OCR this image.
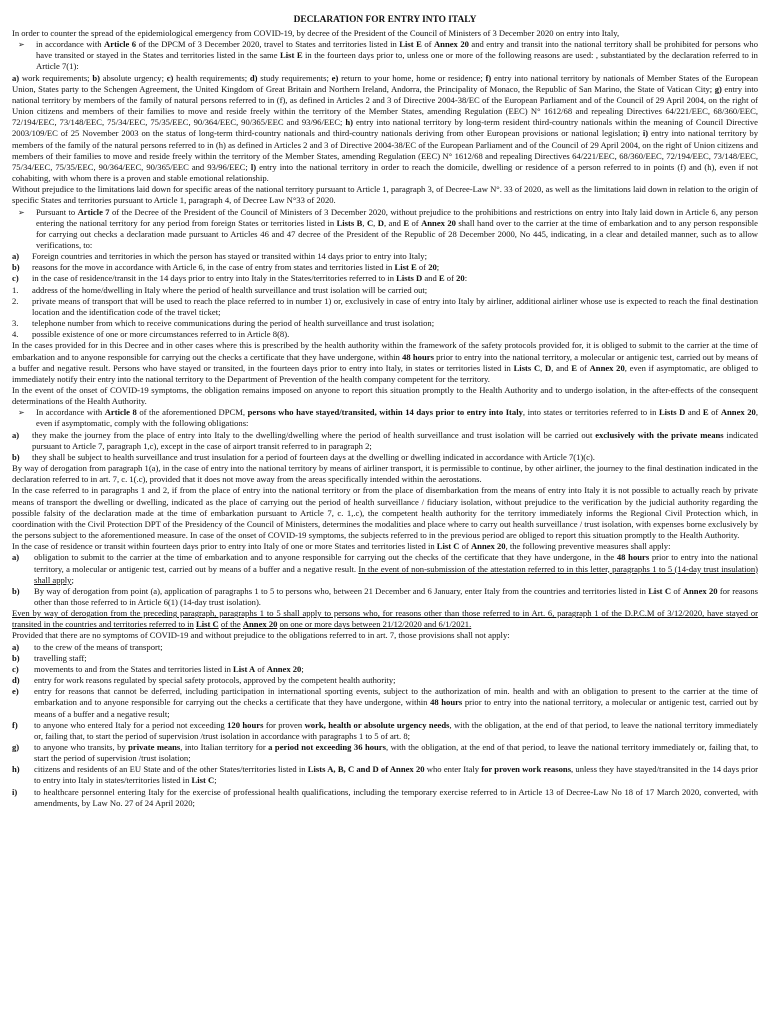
DECLARATION FOR ENTRY INTO ITALY

In order to counter the spread of the epidemiological emergency from COVID-19, by decree of the President of the Council of Ministers of 3 December 2020 on entry into Italy,

➢	in accordance with Article 6 of the DPCM of 3 December 2020, travel to States and territories listed in List E of Annex 20 and entry and transit into the national territory shall be prohibited for persons who have transited or stayed in the States and territories listed in the same List E in the fourteen days prior to, unless one or more of the following reasons are used: , substantiated by the declaration referred to in Article 7(1):

a) work requirements; b) absolute urgency; c) health requirements; d) study requirements; e) return to your home, home or residence; f) entry into national territory by nationals of Member States of the European Union, States party to the Schengen Agreement, the United Kingdom of Great Britain and Northern Ireland, Andorra, the Principality of Monaco, the Republic of San Marino, the State of Vatican City; g) entry into national territory by members of the family of natural persons referred to in (f), as defined in Articles 2 and 3 of Directive 2004-38/EC of the European Parliament and of the Council of 29 April 2004, on the right of Union citizens and members of their families to move and reside freely within the territory of the Member States, amending Regulation (EEC) N° 1612/68 and repealing Directives 64/221/EEC, 68/360/EEC, 72/194/EEC, 73/148/EEC, 75/34/EEC, 75/35/EEC, 90/364/EEC, 90/365/EEC and 93/96/EEC; h) entry into national territory by long-term resident third-country nationals within the meaning of Council Directive 2003/109/EC of 25 November 2003 on the status of long-term third-country nationals and third-country nationals deriving from other European provisions or national legislation; i) entry into national territory by members of the family of the natural persons referred to in (h) as defined in Articles 2 and 3 of Directive 2004-38/EC of the European Parliament and of the Council of 29 April 2004, on the right of Union citizens and members of their families to move and reside freely within the territory of the Member States, amending Regulation (EEC) N° 1612/68 and repealing Directives 64/221/EEC, 68/360/EEC, 72/194/EEC, 73/148/EEC, 75/34/EEC, 75/35/EEC, 90/364/EEC, 90/365/EEC and 93/96/EEC; l) entry into the national territory in order to reach the domicile, dwelling or residence of a person referred to in points (f) and (h), even if not cohabiting, with whom there is a proven and stable emotional relationship.

Without prejudice to the limitations laid down for specific areas of the national territory pursuant to Article 1, paragraph 3, of Decree-Law N°. 33 of 2020, as well as the limitations laid down in relation to the origin of specific States and territories pursuant to Article 1, paragraph 4, of Decree Law N°33 of 2020.

➢	Pursuant to Article 7 of the Decree of the President of the Council of Ministers of 3 December 2020, without prejudice to the prohibitions and restrictions on entry into Italy laid down in Article 6, any person entering the national territory for any period from foreign States or territories listed in Lists B, C, D, and E of Annex 20 shall hand over to the carrier at the time of embarkation and to any person responsible for carrying out checks a declaration made pursuant to Articles 46 and 47 decree of the President of the Republic of 28 December 2000, No 445, indicating, in a clear and detailed manner, such as to allow verifications, to:
a)	Foreign countries and territories in which the person has stayed or transited within 14 days prior to entry into Italy;
b)	reasons for the move in accordance with Article 6, in the case of entry from states and territories listed in List E of 20;
c)	in the case of residence/transit in the 14 days prior to entry into Italy in the States/territories referred to in Lists D and E of 20:
1.	address of the home/dwelling in Italy where the period of health surveillance and trust isolation will be carried out;
2.	private means of transport that will be used to reach the place referred to in number 1) or, exclusively in case of entry into Italy by airliner, additional airliner whose use is expected to reach the final destination location and the identification code of the travel ticket;
3.	telephone number from which to receive communications during the period of health surveillance and trust isolation;
4.	possible existence of one or more circumstances referred to in Article 8(8).

In the cases provided for in this Decree and in other cases where this is prescribed by the health authority within the framework of the safety protocols provided for, it is obliged to submit to the carrier at the time of embarkation and to anyone responsible for carrying out the checks a certificate that they have undergone, within 48 hours prior to entry into the national territory, a molecular or antigenic test, carried out by means of a buffer and negative result. Persons who have stayed or transited, in the fourteen days prior to entry into Italy, in states or territories listed in Lists C, D, and E of Annex 20, even if asymptomatic, are obliged to immediately notify their entry into the national territory to the Department of Prevention of the health company competent for the territory.

In the event of the onset of COVID-19 symptoms, the obligation remains imposed on anyone to report this situation promptly to the Health Authority and to undergo isolation, in the after-effects of the consequent determinations of the Health Authority.

➢	In accordance with Article 8 of the aforementioned DPCM, persons who have stayed/transited, within 14 days prior to entry into Italy, into states or territories referred to in Lists D and E of Annex 20, even if asymptomatic, comply with the following obligations:
a)	they make the journey from the place of entry into Italy to the dwelling/dwelling where the period of health surveillance and trust isolation will be carried out exclusively with the private means indicated pursuant to Article 7, paragraph 1,c), except in the case of airport transit referred to in paragraph 2;
b)	they shall be subject to health surveillance and trust insulation for a period of fourteen days at the dwelling or dwelling indicated in accordance with Article 7(1)(c).

By way of derogation from paragraph 1(a), in the case of entry into the national territory by means of airliner transport, it is permissible to continue, by other airliner, the journey to the final destination indicated in the declaration referred to in art. 7, c. 1(.c), provided that it does not move away from the areas specifically intended within the aerostations.

In the case referred to in paragraphs 1 and 2, if from the place of entry into the national territory or from the place of disembarkation from the means of entry into Italy it is not possible to actually reach by private means of transport the dwelling or dwelling, indicated as the place of carrying out the period of health surveillance / fiduciary isolation, without prejudice to the verification by the judicial authority regarding the possible falsity of the declaration made at the time of embarkation pursuant to Article 7, c. 1,.c), the competent health authority for the territory immediately informs the Regional Civil Protection which, in coordination with the Civil Protection DPT of the Presidency of the Council of Ministers, determines the modalities and place where to carry out health surveillance / trust isolation, with expenses borne exclusively by the persons subject to the aforementioned measure. In case of the onset of COVID-19 symptoms, the subjects referred to in the previous period are obliged to report this situation promptly to the Health Authority.

In the case of residence or transit within fourteen days prior to entry into Italy of one or more States and territories listed in List C of Annex 20, the following preventive measures shall apply:

a)	obligation to submit to the carrier at the time of embarkation and to anyone responsible for carrying out the checks of the certificate that they have undergone, in the 48 hours prior to entry into the national territory, a molecular or antigenic test, carried out by means of a buffer and a negative result. In the event of non-submission of the attestation referred to in this letter, paragraphs 1 to 5 (14-day trust insulation) shall apply;
b)	By way of derogation from point (a), application of paragraphs 1 to 5 to persons who, between 21 December and 6 January, enter Italy from the countries and territories listed in List C of Annex 20 for reasons other than those referred to in Article 6(1) (14-day trust isolation).

Even by way of derogation from the preceding paragraph, paragraphs 1 to 5 shall apply to persons who, for reasons other than those referred to in Art. 6, paragraph 1 of the D.P.C.M of 3/12/2020, have stayed or transited in the countries and territories referred to in List C of the Annex 20 on one or more days between 21/12/2020 and 6/1/2021.

Provided that there are no symptoms of COVID-19 and without prejudice to the obligations referred to in art. 7, those provisions shall not apply:

a)	to the crew of the means of transport;
b)	travelling staff;
c)	movements to and from the States and territories listed in List A of Annex 20;
d)	entry for work reasons regulated by special safety protocols, approved by the competent health authority;
e)	entry for reasons that cannot be deferred, including participation in international sporting events, subject to the authorization of min. health and with an obligation to present to the carrier at the time of embarkation and to anyone responsible for carrying out the checks a certificate that they have undergone, within 48 hours prior to entry into the national territory, a molecular or antigenic test, carried out by means of a buffer and a negative result;
f)	to anyone who entered Italy for a period not exceeding 120 hours for proven work, health or absolute urgency needs, with the obligation, at the end of that period, to leave the national territory immediately or, failing that, to start the period of supervision /trust isolation in accordance with paragraphs 1 to 5 of art. 8;
g)	to anyone who transits, by private means, into Italian territory for a period not exceeding 36 hours, with the obligation, at the end of that period, to leave the national territory immediately or, failing that, to start the period of supervision /trust isolation;
h)	citizens and residents of an EU State and of the other States/territories listed in Lists A, B, C and D of Annex 20 who enter Italy for proven work reasons, unless they have stayed/transited in the 14 days prior to entry into Italy in states/territories listed in List C;
i)	to healthcare personnel entering Italy for the exercise of professional health qualifications, including the temporary exercise referred to in Article 13 of Decree-Law No 18 of 17 March 2020, converted, with amendments, by Law No. 27 of 24 April 2020;
